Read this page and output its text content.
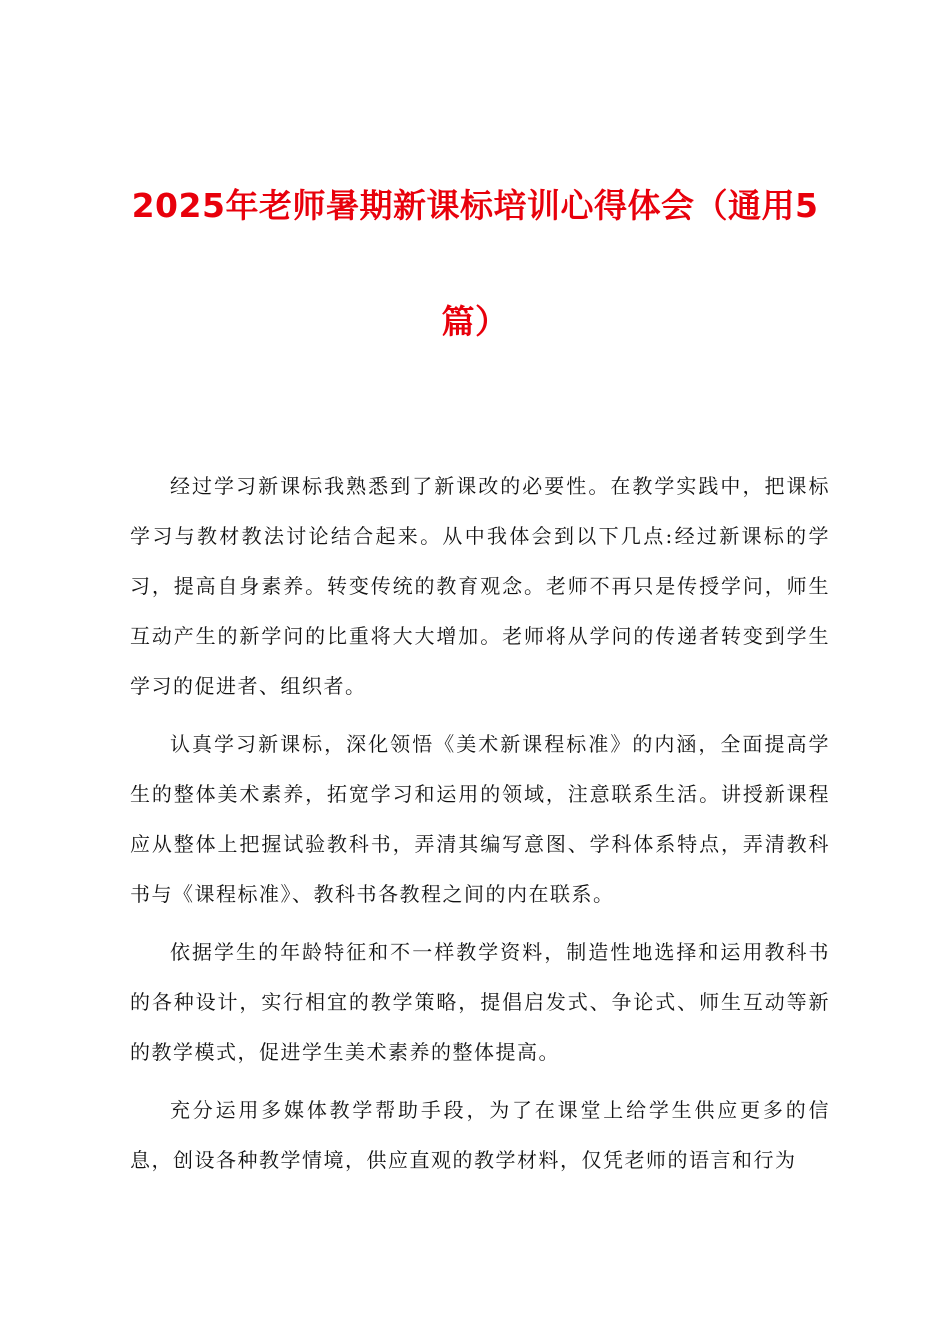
2025年老师暑期新课标培训心得体会（通用5篇）

经过学习新课标我熟悉到了新课改的必要性。在教学实践中，把课标学习与教材教法讨论结合起来。从中我体会到以下几点:经过新课标的学习，提高自身素养。转变传统的教育观念。老师不再只是传授学问，师生互动产生的新学问的比重将大大增加。老师将从学问的传递者转变到学生学习的促进者、组织者。

认真学习新课标，深化领悟《美术新课程标准》的内涵，全面提高学生的整体美术素养，拓宽学习和运用的领域，注意联系生活。讲授新课程应从整体上把握试验教科书，弄清其编写意图、学科体系特点，弄清教科书与《课程标准》、教科书各教程之间的内在联系。

依据学生的年龄特征和不一样教学资料，制造性地选择和运用教科书的各种设计，实行相宜的教学策略，提倡启发式、争论式、师生互动等新的教学模式，促进学生美术素养的整体提高。

充分运用多媒体教学帮助手段，为了在课堂上给学生供应更多的信息，创设各种教学情境，供应直观的教学材料，仅凭老师的语言和行为
